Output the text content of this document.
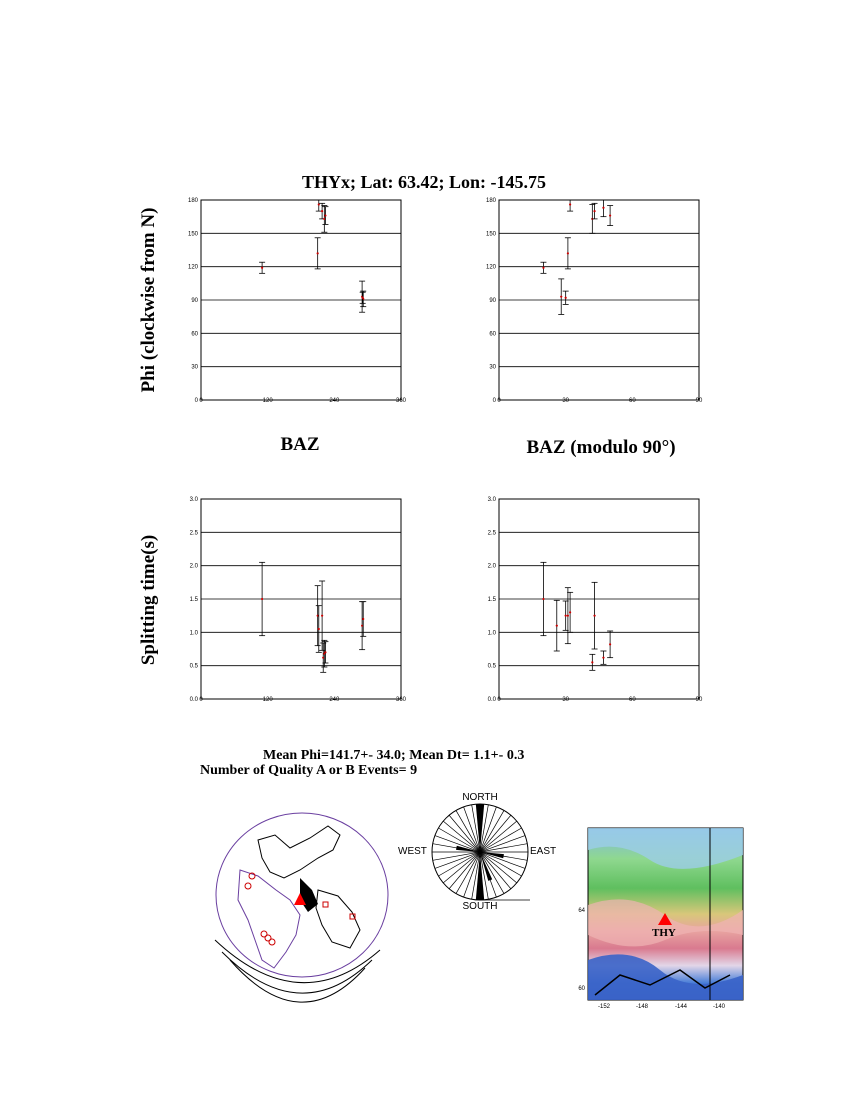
THYx; Lat: 63.42; Lon: -145.75
Phi (clockwise from N)
Splitting time(s)
BAZ	BAZ (modulo 90°)
0
30
60
90
120
150
180
0	120	240	360	0
30
60
90
120
150
180
0	30	60	90
0.0
0.5
1.0
1.5
2.0
2.5
3.0
0	120	240	360	0.0
0.5
1.0
1.5
2.0
2.5
3.0
0	30	60	90
Mean Phi=141.7+- 34.0; Mean Dt= 1.1+- 0.3
Number of Quality A or B Events= 9
NORTH
SOUTH
EAST
WEST
THY
-152	-148	-144	-140
64
60
